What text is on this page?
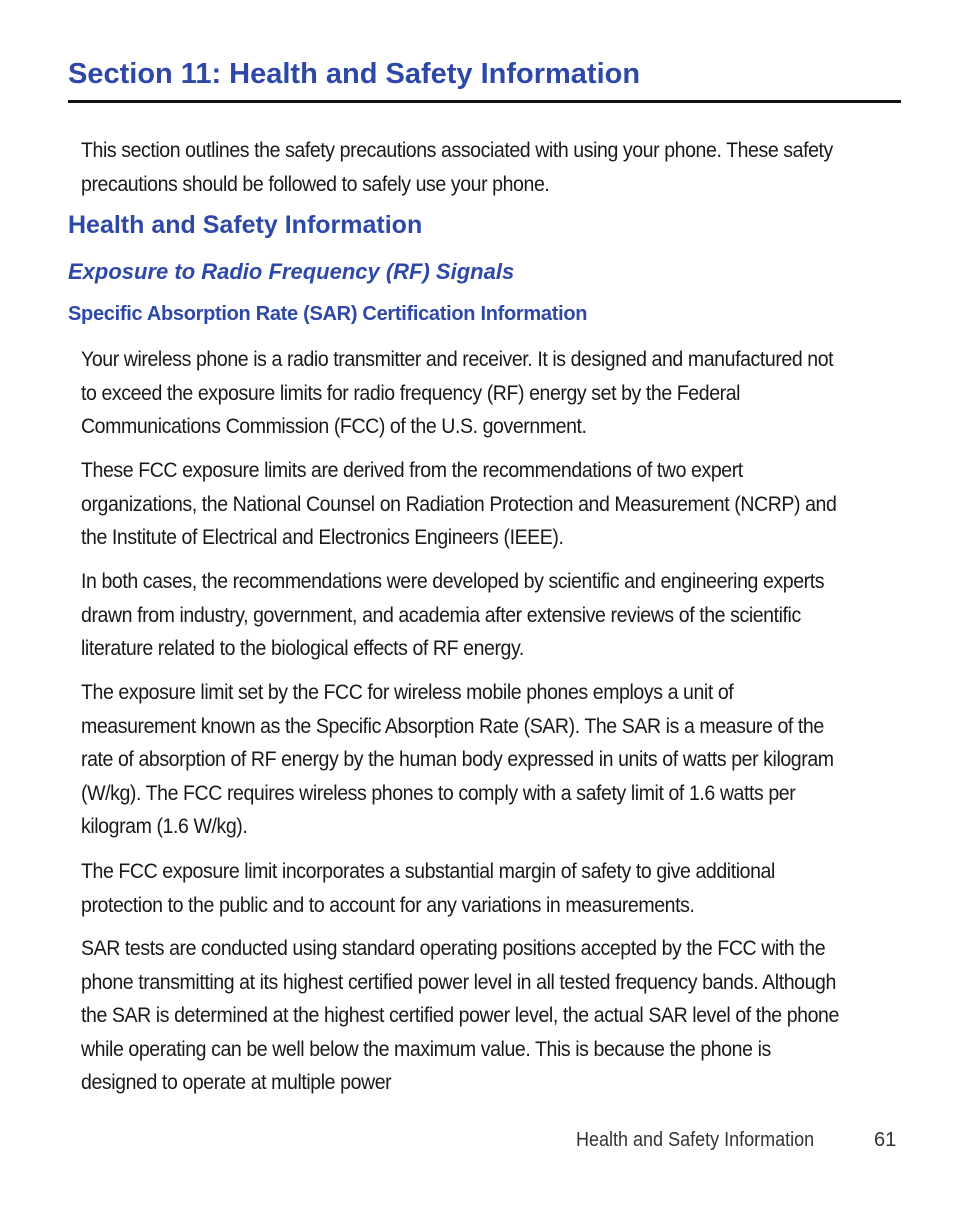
Section 11: Health and Safety Information

This section outlines the safety precautions associated with using your phone. These safety precautions should be followed to safely use your phone.

Health and Safety Information
Exposure to Radio Frequency (RF) Signals
Specific Absorption Rate (SAR) Certification Information

Your wireless phone is a radio transmitter and receiver. It is designed and manufactured not to exceed the exposure limits for radio frequency (RF) energy set by the Federal Communications Commission (FCC) of the U.S. government.

These FCC exposure limits are derived from the recommendations of two expert organizations, the National Counsel on Radiation Protection and Measurement (NCRP) and the Institute of Electrical and Electronics Engineers (IEEE).

In both cases, the recommendations were developed by scientific and engineering experts drawn from industry, government, and academia after extensive reviews of the scientific literature related to the biological effects of RF energy.

The exposure limit set by the FCC for wireless mobile phones employs a unit of measurement known as the Specific Absorption Rate (SAR). The SAR is a measure of the rate of absorption of RF energy by the human body expressed in units of watts per kilogram (W/kg). The FCC requires wireless phones to comply with a safety limit of 1.6 watts per kilogram (1.6 W/kg).

The FCC exposure limit incorporates a substantial margin of safety to give additional protection to the public and to account for any variations in measurements.

SAR tests are conducted using standard operating positions accepted by the FCC with the phone transmitting at its highest certified power level in all tested frequency bands. Although the SAR is determined at the highest certified power level, the actual SAR level of the phone while operating can be well below the maximum value. This is because the phone is designed to operate at multiple power

Health and Safety Information	61
